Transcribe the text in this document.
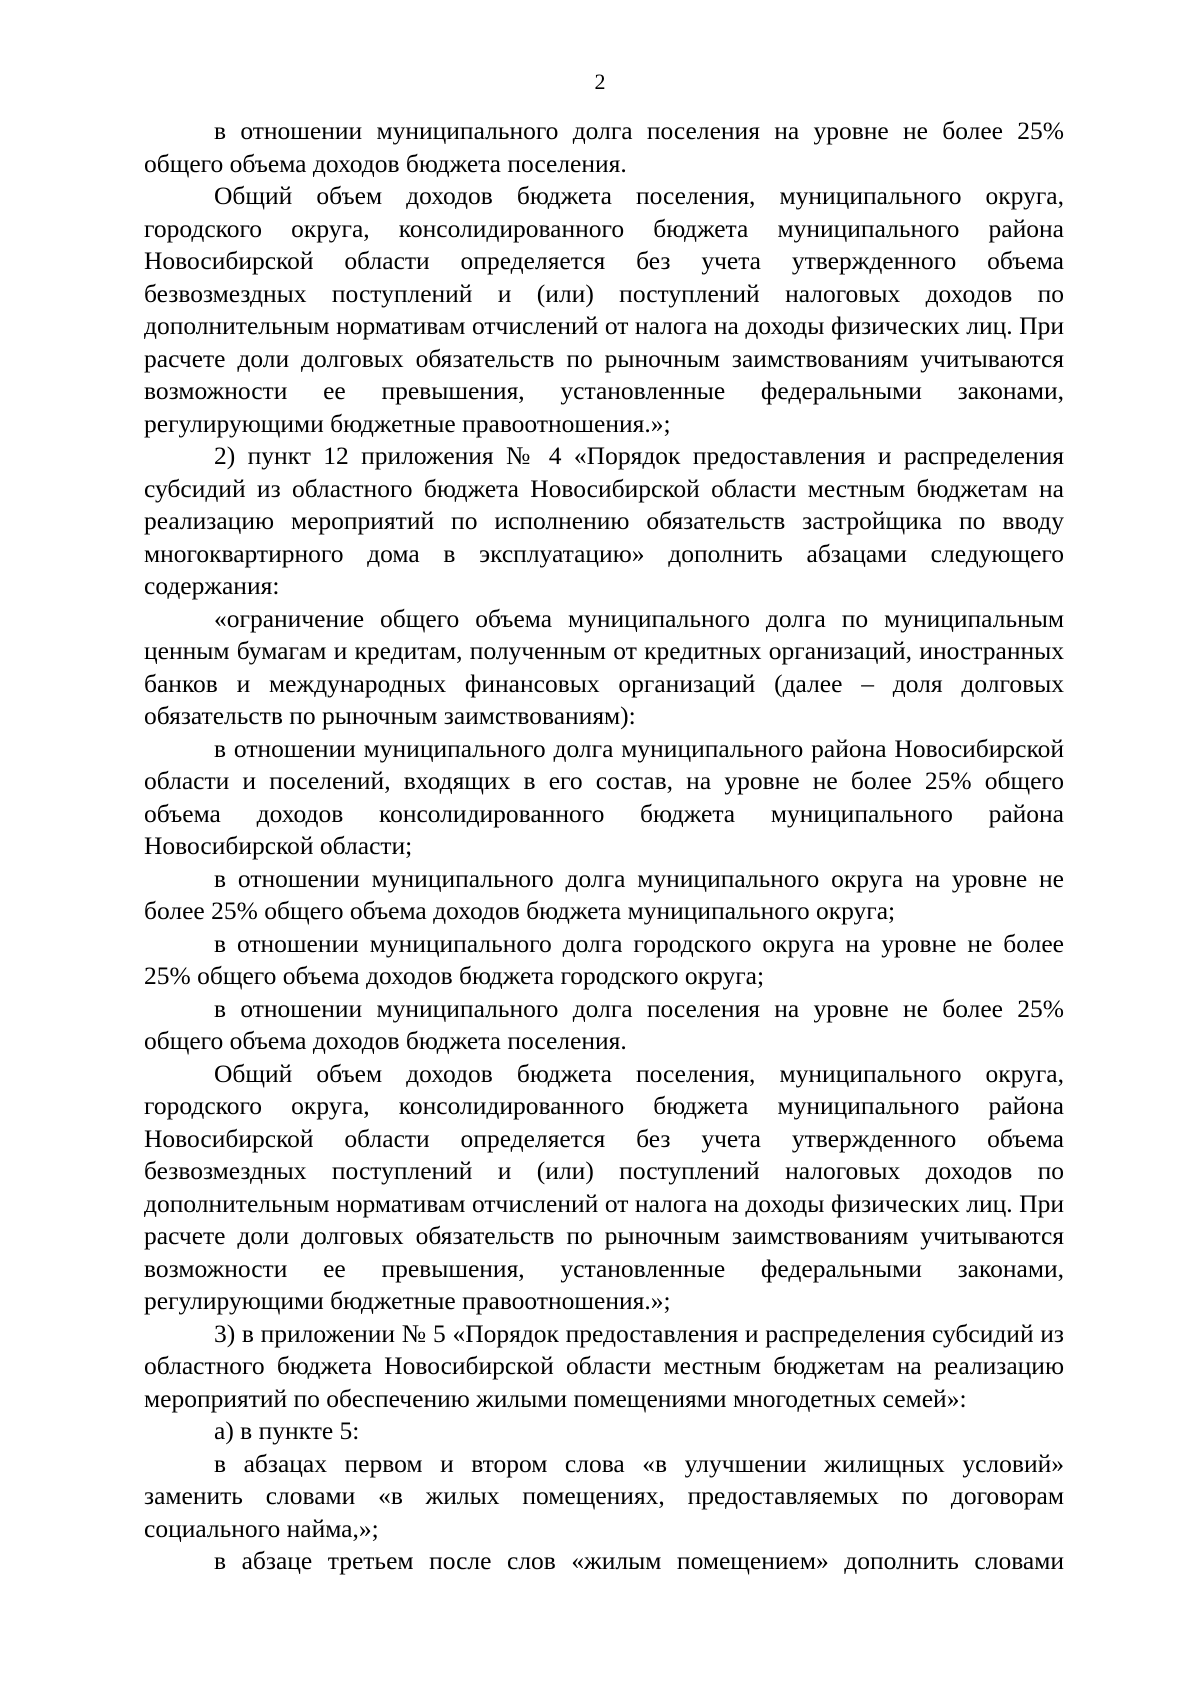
2

в отношении муниципального долга поселения на уровне не более 25% общего объема доходов бюджета поселения.

Общий объем доходов бюджета поселения, муниципального округа, городского округа, консолидированного бюджета муниципального района Новосибирской области определяется без учета утвержденного объема безвозмездных поступлений и (или) поступлений налоговых доходов по дополнительным нормативам отчислений от налога на доходы физических лиц. При расчете доли долговых обязательств по рыночным заимствованиям учитываются возможности ее превышения, установленные федеральными законами, регулирующими бюджетные правоотношения.»;

2) пункт 12 приложения № 4 «Порядок предоставления и распределения субсидий из областного бюджета Новосибирской области местным бюджетам на реализацию мероприятий по исполнению обязательств застройщика по вводу многоквартирного дома в эксплуатацию» дополнить абзацами следующего содержания:

«ограничение общего объема муниципального долга по муниципальным ценным бумагам и кредитам, полученным от кредитных организаций, иностранных банков и международных финансовых организаций (далее – доля долговых обязательств по рыночным заимствованиям):

в отношении муниципального долга муниципального района Новосибирской области и поселений, входящих в его состав, на уровне не более 25% общего объема доходов консолидированного бюджета муниципального района Новосибирской области;

в отношении муниципального долга муниципального округа на уровне не более 25% общего объема доходов бюджета муниципального округа;

в отношении муниципального долга городского округа на уровне не более 25% общего объема доходов бюджета городского округа;

в отношении муниципального долга поселения на уровне не более 25% общего объема доходов бюджета поселения.

Общий объем доходов бюджета поселения, муниципального округа, городского округа, консолидированного бюджета муниципального района Новосибирской области определяется без учета утвержденного объема безвозмездных поступлений и (или) поступлений налоговых доходов по дополнительным нормативам отчислений от налога на доходы физических лиц. При расчете доли долговых обязательств по рыночным заимствованиям учитываются возможности ее превышения, установленные федеральными законами, регулирующими бюджетные правоотношения.»;

3) в приложении № 5 «Порядок предоставления и распределения субсидий из областного бюджета Новосибирской области местным бюджетам на реализацию мероприятий по обеспечению жилыми помещениями многодетных семей»:

а) в пункте 5:

в абзацах первом и втором слова «в улучшении жилищных условий» заменить словами «в жилых помещениях, предоставляемых по договорам социального найма,»;

в абзаце третьем после слов «жилым помещением» дополнить словами
